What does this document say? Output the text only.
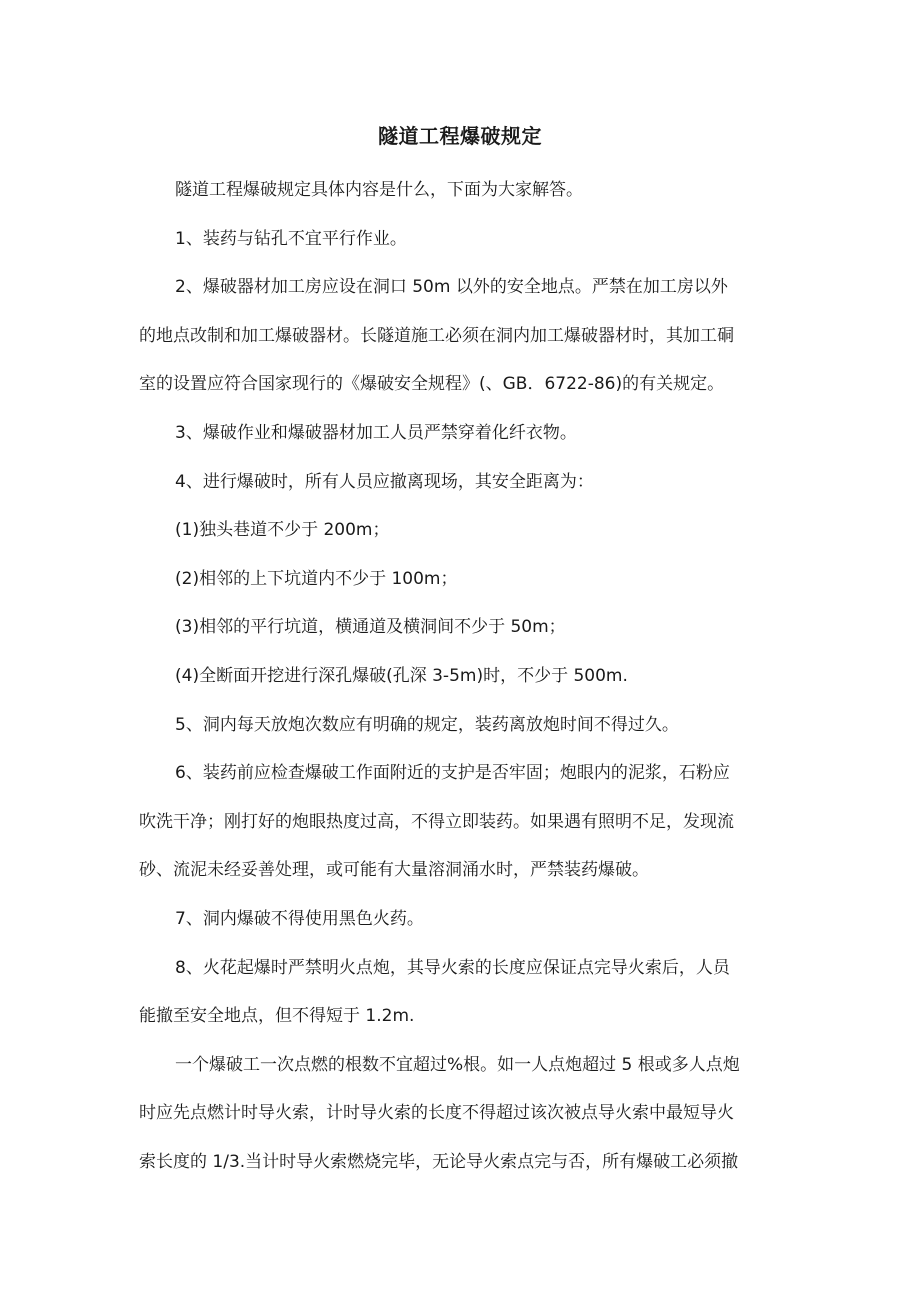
隧道工程爆破规定
隧道工程爆破规定具体内容是什么，下面为大家解答。
1、装药与钻孔不宜平行作业。
2、爆破器材加工房应设在洞口 50m 以外的安全地点。严禁在加工房以外
的地点改制和加工爆破器材。长隧道施工必须在洞内加工爆破器材时，其加工硐
室的设置应符合国家现行的《爆破安全规程》(、GB．6722-86)的有关规定。
3、爆破作业和爆破器材加工人员严禁穿着化纤衣物。
4、进行爆破时，所有人员应撤离现场，其安全距离为：
(1)独头巷道不少于 200m；
(2)相邻的上下坑道内不少于 100m；
(3)相邻的平行坑道，横通道及横洞间不少于 50m；
(4)全断面开挖进行深孔爆破(孔深 3-5m)时，不少于 500m.
5、洞内每天放炮次数应有明确的规定，装药离放炮时间不得过久。
6、装药前应检查爆破工作面附近的支护是否牢固；炮眼内的泥浆，石粉应
吹洗干净；刚打好的炮眼热度过高，不得立即装药。如果遇有照明不足，发现流
砂、流泥未经妥善处理，或可能有大量溶洞涌水时，严禁装药爆破。
7、洞内爆破不得使用黑色火药。
8、火花起爆时严禁明火点炮，其导火索的长度应保证点完导火索后，人员
能撤至安全地点，但不得短于 1.2m.
一个爆破工一次点燃的根数不宜超过%根。如一人点炮超过 5 根或多人点炮
时应先点燃计时导火索，计时导火索的长度不得超过该次被点导火索中最短导火
索长度的 1/3.当计时导火索燃烧完毕，无论导火索点完与否，所有爆破工必须撤
